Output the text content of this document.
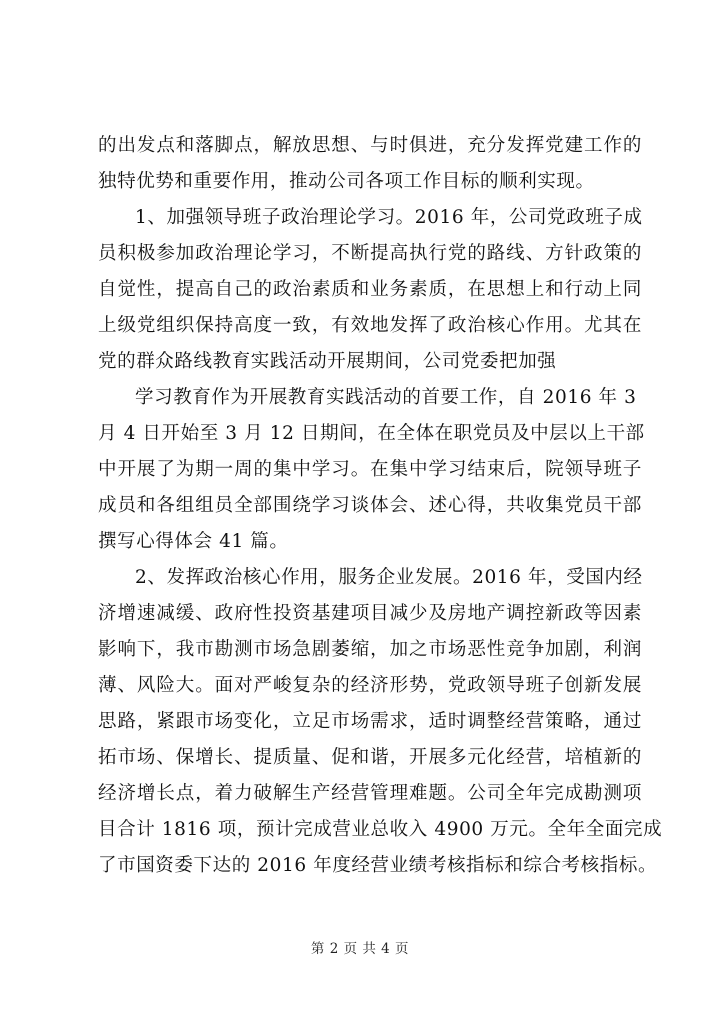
的出发点和落脚点，解放思想、与时俱进，充分发挥党建工作的
独特优势和重要作用，推动公司各项工作目标的顺利实现。
1、加强领导班子政治理论学习。2016 年，公司党政班子成
员积极参加政治理论学习，不断提高执行党的路线、方针政策的
自觉性，提高自己的政治素质和业务素质，在思想上和行动上同
上级党组织保持高度一致，有效地发挥了政治核心作用。尤其在
党的群众路线教育实践活动开展期间，公司党委把加强
学习教育作为开展教育实践活动的首要工作，自 2016 年 3
月 4 日开始至 3 月 12 日期间，在全体在职党员及中层以上干部
中开展了为期一周的集中学习。在集中学习结束后，院领导班子
成员和各组组员全部围绕学习谈体会、述心得，共收集党员干部
撰写心得体会 41 篇。
2、发挥政治核心作用，服务企业发展。2016 年，受国内经
济增速减缓、政府性投资基建项目减少及房地产调控新政等因素
影响下，我市勘测市场急剧萎缩，加之市场恶性竞争加剧，利润
薄、风险大。面对严峻复杂的经济形势，党政领导班子创新发展
思路，紧跟市场变化，立足市场需求，适时调整经营策略，通过
拓市场、保增长、提质量、促和谐，开展多元化经营，培植新的
经济增长点，着力破解生产经营管理难题。公司全年完成勘测项
目合计 1816 项，预计完成营业总收入 4900 万元。全年全面完成
了市国资委下达的 2016 年度经营业绩考核指标和综合考核指标。
第 2 页 共 4 页
